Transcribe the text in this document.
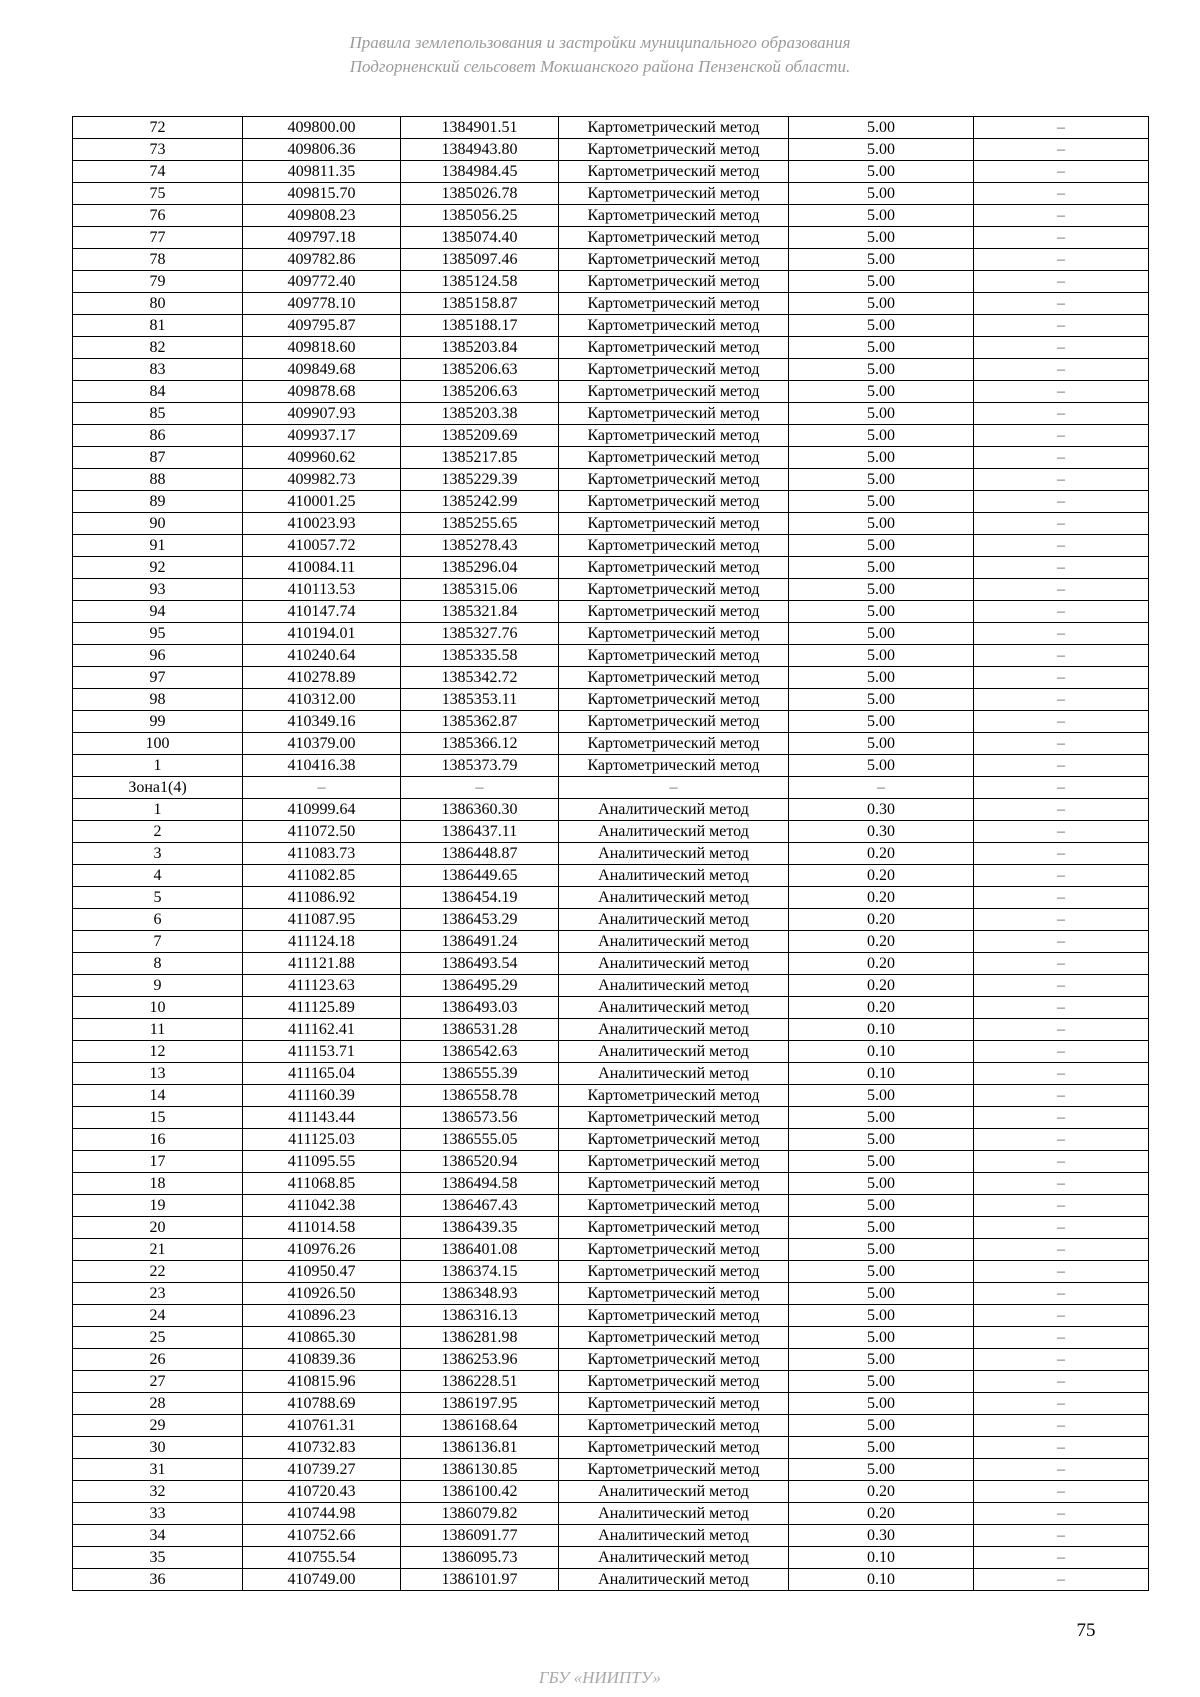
Правила землепользования и застройки муниципального образования
Подгорненский сельсовет Мокшанского района Пензенской области.
72	409800.00	1384901.51	Картометрический метод	5.00	–
73	409806.36	1384943.80	Картометрический метод	5.00	–
74	409811.35	1384984.45	Картометрический метод	5.00	–
75	409815.70	1385026.78	Картометрический метод	5.00	–
76	409808.23	1385056.25	Картометрический метод	5.00	–
77	409797.18	1385074.40	Картометрический метод	5.00	–
78	409782.86	1385097.46	Картометрический метод	5.00	–
79	409772.40	1385124.58	Картометрический метод	5.00	–
80	409778.10	1385158.87	Картометрический метод	5.00	–
81	409795.87	1385188.17	Картометрический метод	5.00	–
82	409818.60	1385203.84	Картометрический метод	5.00	–
83	409849.68	1385206.63	Картометрический метод	5.00	–
84	409878.68	1385206.63	Картометрический метод	5.00	–
85	409907.93	1385203.38	Картометрический метод	5.00	–
86	409937.17	1385209.69	Картометрический метод	5.00	–
87	409960.62	1385217.85	Картометрический метод	5.00	–
88	409982.73	1385229.39	Картометрический метод	5.00	–
89	410001.25	1385242.99	Картометрический метод	5.00	–
90	410023.93	1385255.65	Картометрический метод	5.00	–
91	410057.72	1385278.43	Картометрический метод	5.00	–
92	410084.11	1385296.04	Картометрический метод	5.00	–
93	410113.53	1385315.06	Картометрический метод	5.00	–
94	410147.74	1385321.84	Картометрический метод	5.00	–
95	410194.01	1385327.76	Картометрический метод	5.00	–
96	410240.64	1385335.58	Картометрический метод	5.00	–
97	410278.89	1385342.72	Картометрический метод	5.00	–
98	410312.00	1385353.11	Картометрический метод	5.00	–
99	410349.16	1385362.87	Картометрический метод	5.00	–
100	410379.00	1385366.12	Картометрический метод	5.00	–
1	410416.38	1385373.79	Картометрический метод	5.00	–
Зона1(4)	–	–	–	–	–
1	410999.64	1386360.30	Аналитический метод	0.30	–
2	411072.50	1386437.11	Аналитический метод	0.30	–
3	411083.73	1386448.87	Аналитический метод	0.20	–
4	411082.85	1386449.65	Аналитический метод	0.20	–
5	411086.92	1386454.19	Аналитический метод	0.20	–
6	411087.95	1386453.29	Аналитический метод	0.20	–
7	411124.18	1386491.24	Аналитический метод	0.20	–
8	411121.88	1386493.54	Аналитический метод	0.20	–
9	411123.63	1386495.29	Аналитический метод	0.20	–
10	411125.89	1386493.03	Аналитический метод	0.20	–
11	411162.41	1386531.28	Аналитический метод	0.10	–
12	411153.71	1386542.63	Аналитический метод	0.10	–
13	411165.04	1386555.39	Аналитический метод	0.10	–
14	411160.39	1386558.78	Картометрический метод	5.00	–
15	411143.44	1386573.56	Картометрический метод	5.00	–
16	411125.03	1386555.05	Картометрический метод	5.00	–
17	411095.55	1386520.94	Картометрический метод	5.00	–
18	411068.85	1386494.58	Картометрический метод	5.00	–
19	411042.38	1386467.43	Картометрический метод	5.00	–
20	411014.58	1386439.35	Картометрический метод	5.00	–
21	410976.26	1386401.08	Картометрический метод	5.00	–
22	410950.47	1386374.15	Картометрический метод	5.00	–
23	410926.50	1386348.93	Картометрический метод	5.00	–
24	410896.23	1386316.13	Картометрический метод	5.00	–
25	410865.30	1386281.98	Картометрический метод	5.00	–
26	410839.36	1386253.96	Картометрический метод	5.00	–
27	410815.96	1386228.51	Картометрический метод	5.00	–
28	410788.69	1386197.95	Картометрический метод	5.00	–
29	410761.31	1386168.64	Картометрический метод	5.00	–
30	410732.83	1386136.81	Картометрический метод	5.00	–
31	410739.27	1386130.85	Картометрический метод	5.00	–
32	410720.43	1386100.42	Аналитический метод	0.20	–
33	410744.98	1386079.82	Аналитический метод	0.20	–
34	410752.66	1386091.77	Аналитический метод	0.30	–
35	410755.54	1386095.73	Аналитический метод	0.10	–
36	410749.00	1386101.97	Аналитический метод	0.10	–
75
ГБУ «НИИПТУ»
